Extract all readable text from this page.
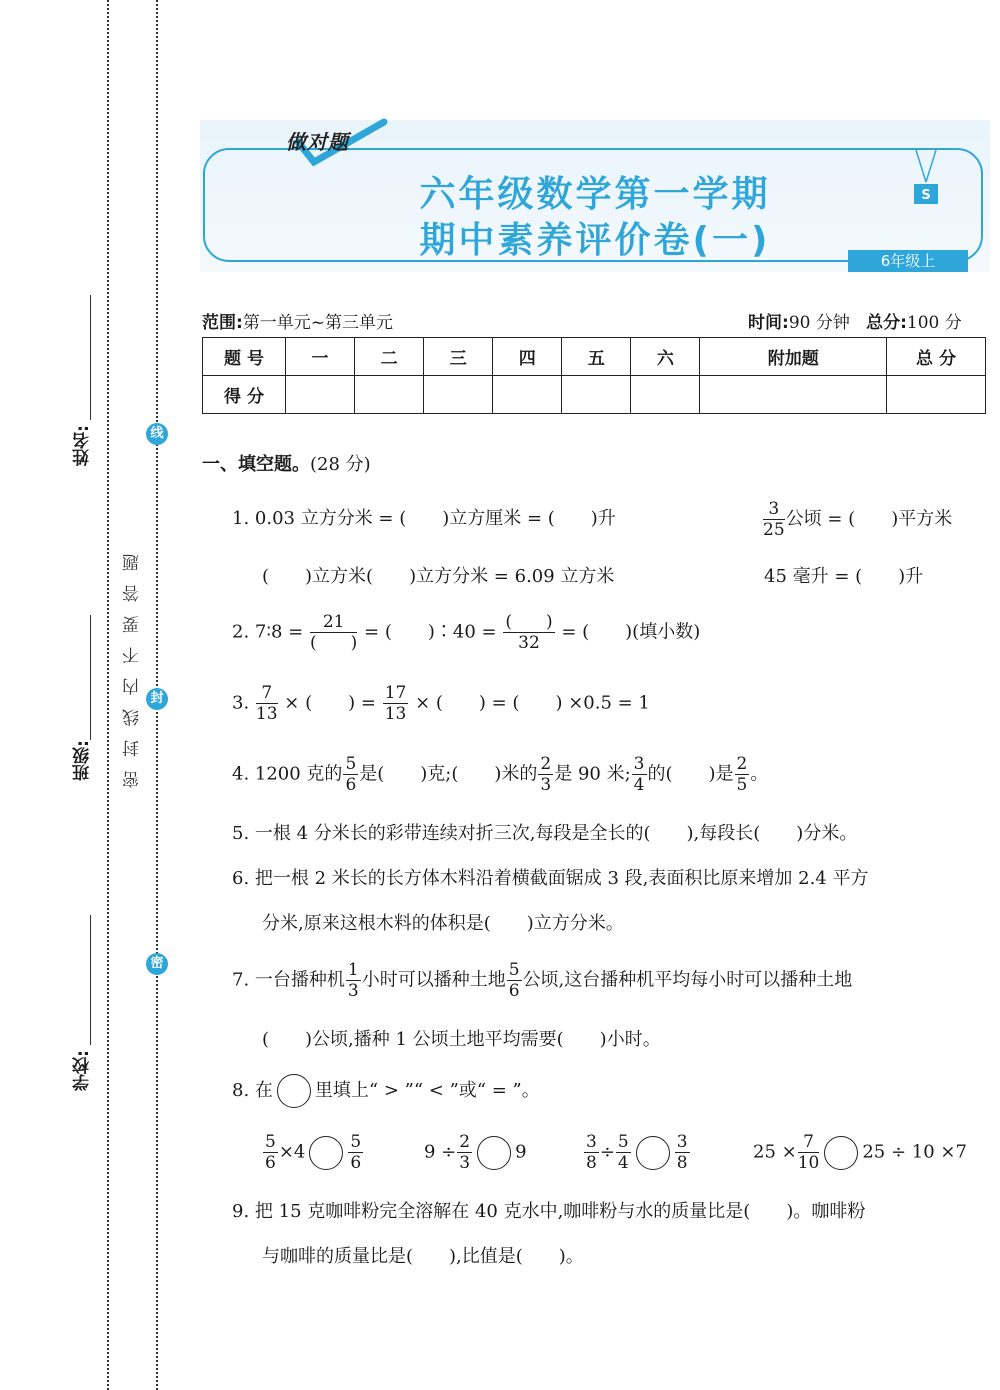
姓名:
班级:
学校:
密封线内不要答题
线
封
密
做对题
六年级数学第一学期
期中素养评价卷(一)
S
6年级上
范围:第一单元~第三单元	时间:90 分钟 总分:100 分
题 号	一	二	三	四	五	六	附加题	总 分
得 分								
一、填空题。(28 分)
1. 0.03 立方分米 = (　　)立方厘米 = (　　)升	$\frac{3}{25}$ 公顷 = (　　)平方米
(　　)立方米(　　)立方分米 = 6.09 立方米	45 毫升 = (　　)升
2. 7∶8 =	21
(　　)
= (　　)∶40 = (　　)
32
= (　　)(填小数)
3. $\frac{7}{13}$ × (　　) = $\frac{17}{13}$ × (　　) = (　　) ×0.5 = 1
4. 1200 克的 $\frac{5}{6}$ 是(　　)克;(　　)米的 $\frac{2}{3}$ 是 90 米; $\frac{3}{4}$ 的(　　)是 $\frac{2}{5}$ 。
5. 一根 4 分米长的彩带连续对折三次,每段是全长的(　　),每段长(　　)分米。
6. 把一根 2 米长的长方体木料沿着横截面锯成 3 段,表面积比原来增加 2.4 平方
分米,原来这根木料的体积是(　　)立方分米。
7. 一台播种机 $\frac{1}{3}$ 小时可以播种土地 $\frac{5}{6}$ 公顷,这台播种机平均每小时可以播种土地
(　　)公顷,播种 1 公顷土地平均需要(　　)小时。
8. 在 里填上“ > ”“ < ”或“ = ”。
$\frac{5}{6} \times 4$	$\frac{5}{6}$	$9 \div \frac{2}{3} 9$	$\frac{3}{8} \div \frac{5}{4}$	$\frac{3}{8}$	$25 \times \frac{7}{10} 25 \div 10 \times 7$
9. 把 15 克咖啡粉完全溶解在 40 克水中,咖啡粉与水的质量比是(　　)。咖啡粉
与咖啡的质量比是(　　),比值是(　　)。
